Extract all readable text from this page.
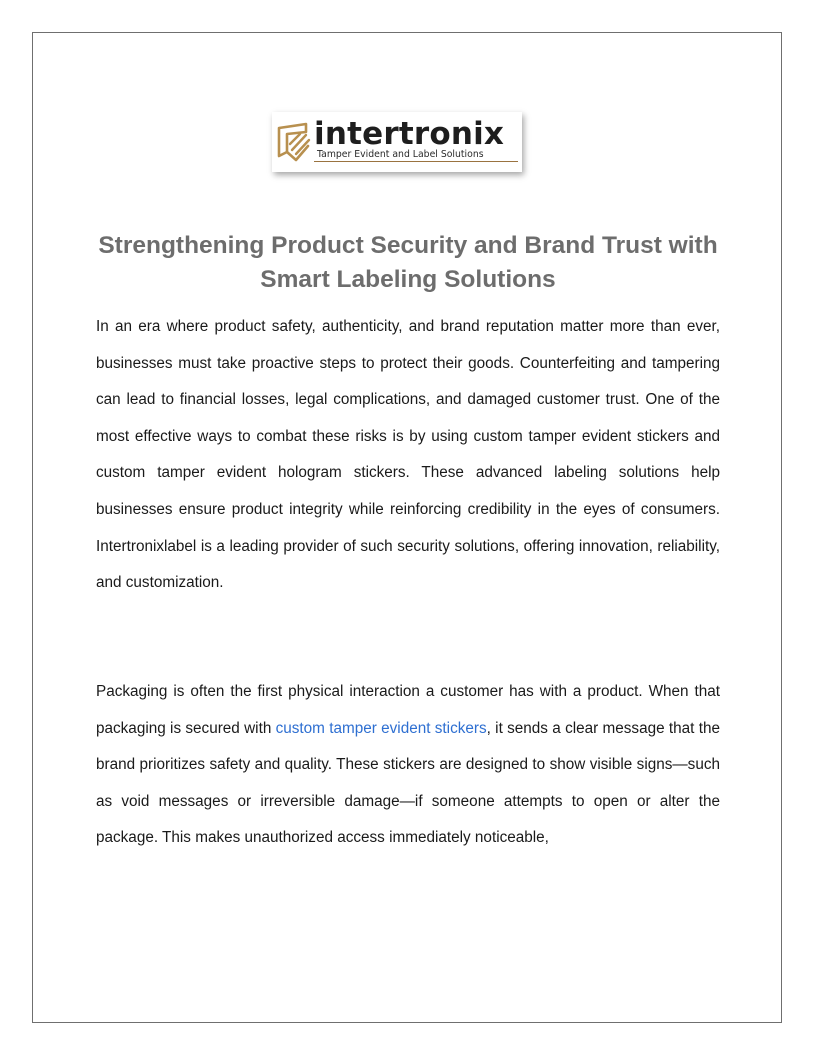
intertronix
Tamper Evident and Label Solutions
Strengthening Product Security and Brand Trust with Smart Labeling Solutions

In an era where product safety, authenticity, and brand reputation matter more than ever, businesses must take proactive steps to protect their goods. Counterfeiting and tampering can lead to financial losses, legal complications, and damaged customer trust. One of the most effective ways to combat these risks is by using custom tamper evident stickers and custom tamper evident hologram stickers. These advanced labeling solutions help businesses ensure product integrity while reinforcing credibility in the eyes of consumers. Intertronixlabel is a leading provider of such security solutions, offering innovation, reliability, and customization.

Packaging is often the first physical interaction a customer has with a product. When that packaging is secured with custom tamper evident stickers, it sends a clear message that the brand prioritizes safety and quality. These stickers are designed to show visible signs—such as void messages or irreversible damage—if someone attempts to open or alter the package. This makes unauthorized access immediately noticeable,
